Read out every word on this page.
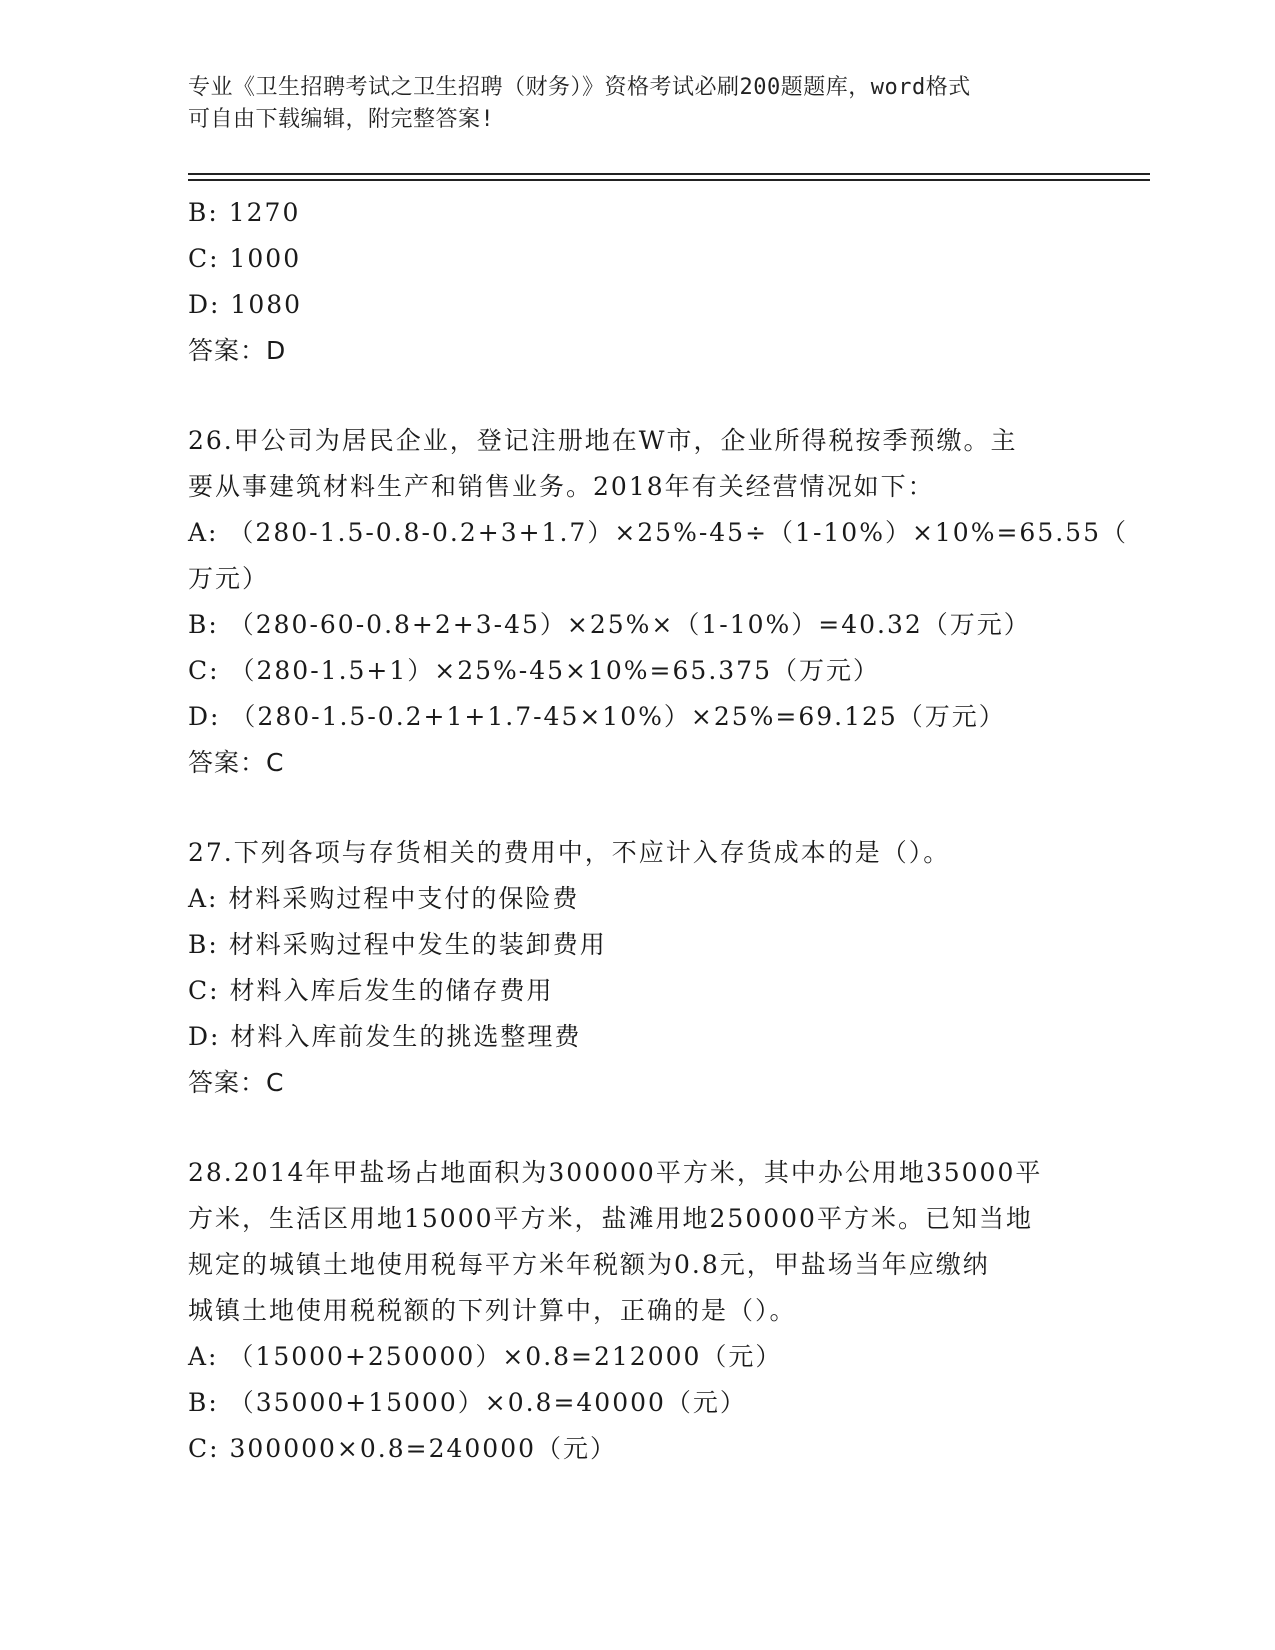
专业《卫生招聘考试之卫生招聘（财务）》资格考试必刷200题题库，word格式
可自由下载编辑，附完整答案!
B: 1270
C: 1000
D: 1080
答案：D
26.甲公司为居民企业，登记注册地在W市，企业所得税按季预缴。主
要从事建筑材料生产和销售业务。2018年有关经营情况如下：
A: （280-1.5-0.8-0.2+3+1.7）×25%-45÷（1-10%）×10%=65.55（
万元）
B: （280-60-0.8+2+3-45）×25%×（1-10%）=40.32（万元）
C: （280-1.5+1）×25%-45×10%=65.375（万元）
D: （280-1.5-0.2+1+1.7-45×10%）×25%=69.125（万元）
答案：C
27.下列各项与存货相关的费用中，不应计入存货成本的是（）。
A: 材料采购过程中支付的保险费
B: 材料采购过程中发生的装卸费用
C: 材料入库后发生的储存费用
D: 材料入库前发生的挑选整理费
答案：C
28.2014年甲盐场占地面积为300000平方米，其中办公用地35000平
方米，生活区用地15000平方米，盐滩用地250000平方米。已知当地
规定的城镇土地使用税每平方米年税额为0.8元，甲盐场当年应缴纳
城镇土地使用税税额的下列计算中，正确的是（）。
A: （15000+250000）×0.8=212000（元）
B: （35000+15000）×0.8=40000（元）
C: 300000×0.8=240000（元）
